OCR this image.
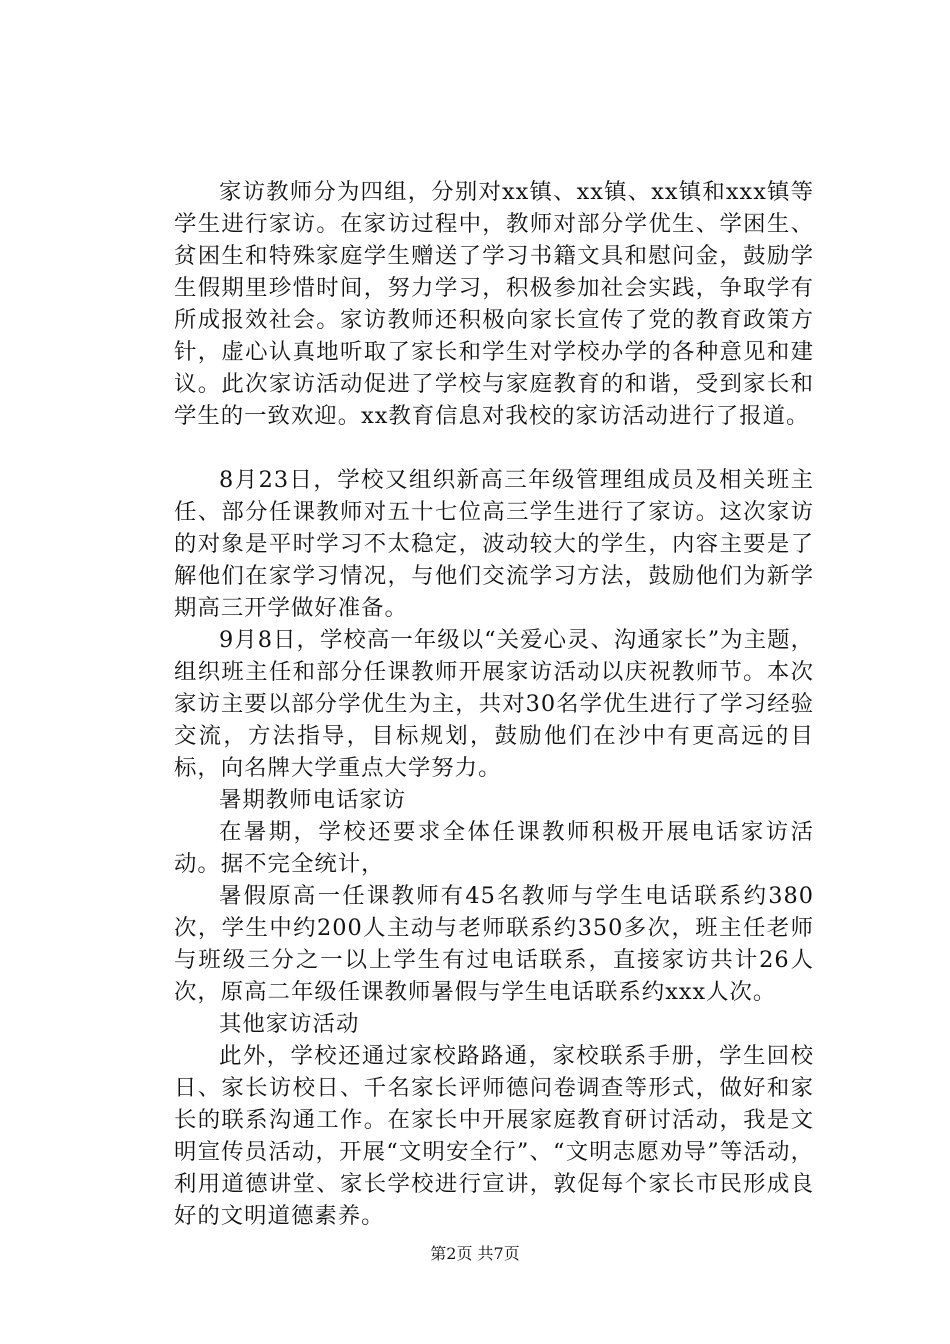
家访教师分为四组，分别对xx镇、xx镇、xx镇和xxx镇等学生进行家访。在家访过程中，教师对部分学优生、学困生、贫困生和特殊家庭学生赠送了学习书籍文具和慰问金，鼓励学生假期里珍惜时间，努力学习，积极参加社会实践，争取学有所成报效社会。家访教师还积极向家长宣传了党的教育政策方针，虚心认真地听取了家长和学生对学校办学的各种意见和建议。此次家访活动促进了学校与家庭教育的和谐，受到家长和学生的一致欢迎。xx教育信息对我校的家访活动进行了报道。

8月23日，学校又组织新高三年级管理组成员及相关班主任、部分任课教师对五十七位高三学生进行了家访。这次家访的对象是平时学习不太稳定，波动较大的学生，内容主要是了解他们在家学习情况，与他们交流学习方法，鼓励他们为新学期高三开学做好准备。

9月8日，学校高一年级以“关爱心灵、沟通家长”为主题，组织班主任和部分任课教师开展家访活动以庆祝教师节。本次家访主要以部分学优生为主，共对30名学优生进行了学习经验交流，方法指导，目标规划，鼓励他们在沙中有更高远的目标，向名牌大学重点大学努力。

暑期教师电话家访

在暑期，学校还要求全体任课教师积极开展电话家访活动。据不完全统计，

暑假原高一任课教师有45名教师与学生电话联系约380次，学生中约200人主动与老师联系约350多次，班主任老师与班级三分之一以上学生有过电话联系，直接家访共计26人次，原高二年级任课教师暑假与学生电话联系约xxx人次。

其他家访活动

此外，学校还通过家校路路通，家校联系手册，学生回校日、家长访校日、千名家长评师德问卷调查等形式，做好和家长的联系沟通工作。在家长中开展家庭教育研讨活动，我是文明宣传员活动，开展“文明安全行”、“文明志愿劝导”等活动，利用道德讲堂、家长学校进行宣讲，敦促每个家长市民形成良好的文明道德素养。

第2页 共7页
